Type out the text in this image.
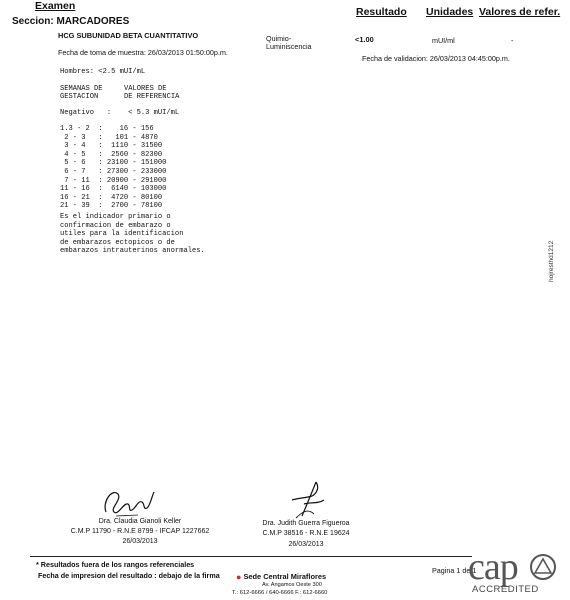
Examen	Resultado Unidades Valores de refer.
Seccion: MARCADORES
HCG SUBUNIDAD BETA CUANTITATIVO	Quimio-
Luminiscencia
<1.00	mUI/ml	-
Fecha de toma de muestra: 26/03/2013 01:50:00p.m.
Fecha de validacion: 26/03/2013 04:45:00p.m.
Hombres: <2.5 mUI/mL
SEMANAS DE
GESTACION
VALORES DE
DE REFERENCIA
Negativo   :    < 5.3 mUI/mL
1.3 - 2  :    16 - 156
2 - 3   :   101 - 4870
3 - 4   :  1110 - 31500
4 - 5   :  2560 - 82300
5 - 6   : 23100 - 151000
6 - 7   : 27300 - 233000
7 - 11  : 20900 - 291000
11 - 16  :  6140 - 103000
16 - 21  :  4720 - 80100
21 - 39  :  2700 - 78100
Es el indicador primario o
confirmacion de embarazo o
utiles para la identificacion
de embarazos ectopicos o de
embarazos intrauterinos anormales.	hojresthd1212
Dra. Claudia Gianoli Keller
C.M.P 11790 - R.N.E 8799 - IFCAP 1227662
26/03/2013
Dra. Judith Guerra Figueroa
C.M.P 38516 - R.N.E 19624
26/03/2013
* Resultados fuera de los rangos referenciales
Fecha de impresion del resultado : debajo de la firma ● Sede Central Miraflores
Av. Angamos Oeste 300
T.: 612-6666 / 640-6666 F.: 612-6660
Pagina 1 de 1
cap
ACCREDITED
